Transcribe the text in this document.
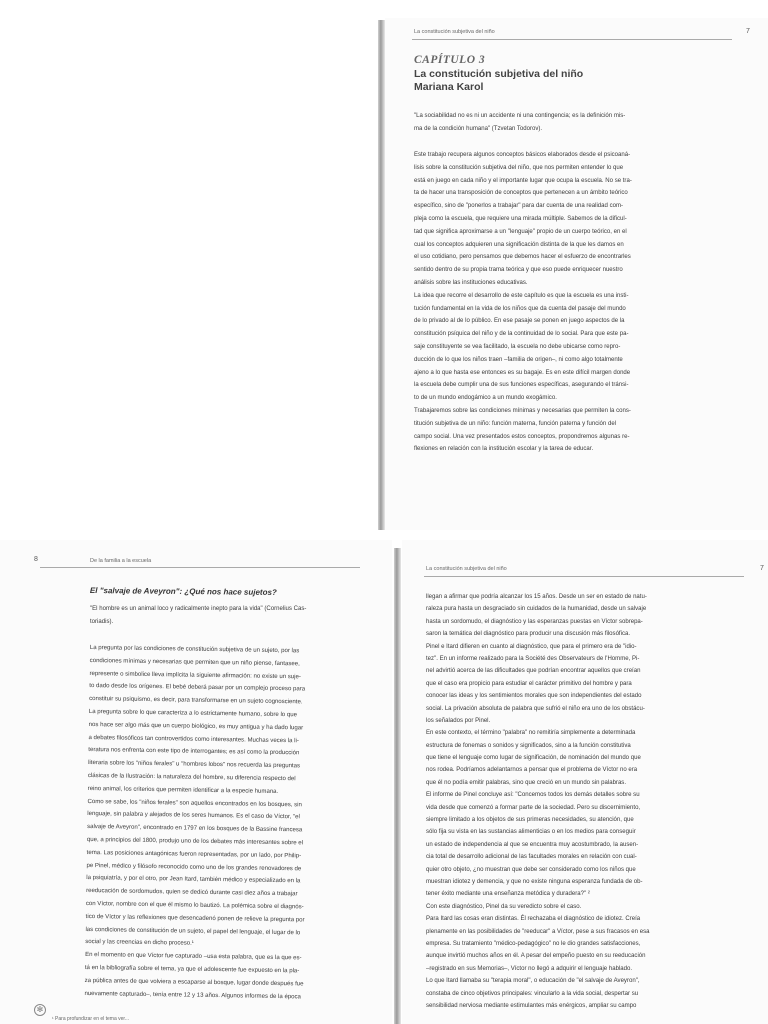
La constitución subjetiva del niño	7
CAPÍTULO 3
La constitución subjetiva del niño
Mariana Karol

"La sociabilidad no es ni un accidente ni una contingencia; es la definición mis-

ma de la condición humana" (Tzvetan Todorov).

Este trabajo recupera algunos conceptos básicos elaborados desde el psicoaná-

lisis sobre la constitución subjetiva del niño, que nos permiten entender lo que

está en juego en cada niño y el importante lugar que ocupa la escuela. No se tra-

ta de hacer una transposición de conceptos que pertenecen a un ámbito teórico

específico, sino de "ponerlos a trabajar" para dar cuenta de una realidad com-

pleja como la escuela, que requiere una mirada múltiple. Sabemos de la dificul-

tad que significa aproximarse a un "lenguaje" propio de un cuerpo teórico, en el

cual los conceptos adquieren una significación distinta de la que les damos en

el uso cotidiano, pero pensamos que debemos hacer el esfuerzo de encontrarles

sentido dentro de su propia trama teórica y que eso puede enriquecer nuestro

análisis sobre las instituciones educativas.

La idea que recorre el desarrollo de este capítulo es que la escuela es una insti-

tución fundamental en la vida de los niños que da cuenta del pasaje del mundo

de lo privado al de lo público. En ese pasaje se ponen en juego aspectos de la

constitución psíquica del niño y de la continuidad de lo social. Para que este pa-

saje constituyente se vea facilitado, la escuela no debe ubicarse como repro-

ducción de lo que los niños traen –familia de origen–, ni como algo totalmente

ajeno a lo que hasta ese entonces es su bagaje. Es en este difícil margen donde

la escuela debe cumplir una de sus funciones específicas, asegurando el tránsi-

to de un mundo endogámico a un mundo exogámico.

Trabajaremos sobre las condiciones mínimas y necesarias que permiten la cons-

titución subjetiva de un niño: función materna, función paterna y función del

campo social. Una vez presentados estos conceptos, propondremos algunas re-

flexiones en relación con la institución escolar y la tarea de educar.

8	De la familia a la escuela
El "salvaje de Aveyron": ¿Qué nos hace sujetos?

"El hombre es un animal loco y radicalmente inepto para la vida" (Cornelius Cas-

toriadis).

La pregunta por las condiciones de constitución subjetiva de un sujeto, por las

condiciones mínimas y necesarias que permiten que un niño piense, fantasee,

represente o simbolice lleva implícita la siguiente afirmación: no existe un suje-

to dado desde los orígenes. El bebé deberá pasar por un complejo proceso para

constituir su psiquismo, es decir, para transformarse en un sujeto cognosciente.

La pregunta sobre lo que caracteriza a lo estrictamente humano, sobre lo que

nos hace ser algo más que un cuerpo biológico, es muy antigua y ha dado lugar

a debates filosóficos tan controvertidos como interesantes. Muchas veces la li-

teratura nos enfrenta con este tipo de interrogantes; es así como la producción

literaria sobre los "niños ferales" u "hombres lobos" nos recuerda las preguntas

clásicas de la Ilustración: la naturaleza del hombre, su diferencia respecto del

reino animal, los criterios que permiten identificar a la especie humana.

Como se sabe, los "niños ferales" son aquellos encontrados en los bosques, sin

lenguaje, sin palabra y alejados de los seres humanos. Es el caso de Víctor, "el

salvaje de Aveyron", encontrado en 1797 en los bosques de la Bassine francesa

que, a principios del 1800, produjo uno de los debates más interesantes sobre el

tema. Las posiciones antagónicas fueron representadas, por un lado, por Philip-

pe Pinel, médico y filósofo reconocido como uno de los grandes renovadores de

la psiquiatría, y por el otro, por Jean Itard, también médico y especializado en la

reeducación de sordomudos, quien se dedicó durante casi diez años a trabajar

con Víctor, nombre con el que él mismo lo bautizó. La polémica sobre el diagnós-

tico de Víctor y las reflexiones que desencadenó ponen de relieve la pregunta por

las condiciones de constitución de un sujeto, el papel del lenguaje, el lugar de lo

social y las creencias en dicho proceso.¹

En el momento en que Víctor fue capturado –usa esta palabra, que es la que es-

tá en la bibliografía sobre el tema, ya que el adolescente fue expuesto en la pla-

za pública antes de que volviera a escaparse al bosque, lugar donde después fue

nuevamente capturado–, tenía entre 12 y 13 años. Algunos informes de la época

✻
¹ Para profundizar en el tema ver...
La constitución subjetiva del niño	7

llegan a afirmar que podría alcanzar los 15 años. Desde un ser en estado de natu-

raleza pura hasta un desgraciado sin cuidados de la humanidad, desde un salvaje

hasta un sordomudo, el diagnóstico y las esperanzas puestas en Víctor sobrepa-

saron la temática del diagnóstico para producir una discusión más filosófica.

Pinel e Itard difieren en cuanto al diagnóstico, que para el primero era de "idio-

tez". En un informe realizado para la Société des Observateurs de l'Homme, Pi-

nel advirtió acerca de las dificultades que podrían encontrar aquellos que creían

que el caso era propicio para estudiar el carácter primitivo del hombre y para

conocer las ideas y los sentimientos morales que son independientes del estado

social. La privación absoluta de palabra que sufrió el niño era uno de los obstácu-

los señalados por Pinel.

En este contexto, el término "palabra" no remitiría simplemente a determinada

estructura de fonemas o sonidos y significados, sino a la función constitutiva

que tiene el lenguaje como lugar de significación, de nominación del mundo que

nos rodea. Podríamos adelantarnos a pensar que el problema de Víctor no era

que él no podía emitir palabras, sino que creció en un mundo sin palabras.

El informe de Pinel concluye así: "Concemos todos los demás detalles sobre su

vida desde que comenzó a formar parte de la sociedad. Pero su discernimiento,

siempre limitado a los objetos de sus primeras necesidades, su atención, que

sólo fija su vista en las sustancias alimenticias o en los medios para conseguir

un estado de independencia al que se encuentra muy acostumbrado, la ausen-

cia total de desarrollo adicional de las facultades morales en relación con cual-

quier otro objeto, ¿no muestran que debe ser considerado como los niños que

muestran idiotez y demencia, y que no existe ninguna esperanza fundada de ob-

tener éxito mediante una enseñanza metódica y duradera?" ²

Con este diagnóstico, Pinel da su veredicto sobre el caso.

Para Itard las cosas eran distintas. Él rechazaba el diagnóstico de idiotez. Creía

plenamente en las posibilidades de "reeducar" a Víctor, pese a sus fracasos en esa

empresa. Su tratamiento "médico-pedagógico" no le dio grandes satisfacciones,

aunque invirtió muchos años en él. A pesar del empeño puesto en su reeducación

–registrado en sus Memorias–, Víctor no llegó a adquirir el lenguaje hablado.

Lo que Itard llamaba su "terapia moral", o educación de "el salvaje de Aveyron",

constaba de cinco objetivos principales: vincularlo a la vida social, despertar su

sensibilidad nerviosa mediante estimulantes más enérgicos, ampliar su campo
